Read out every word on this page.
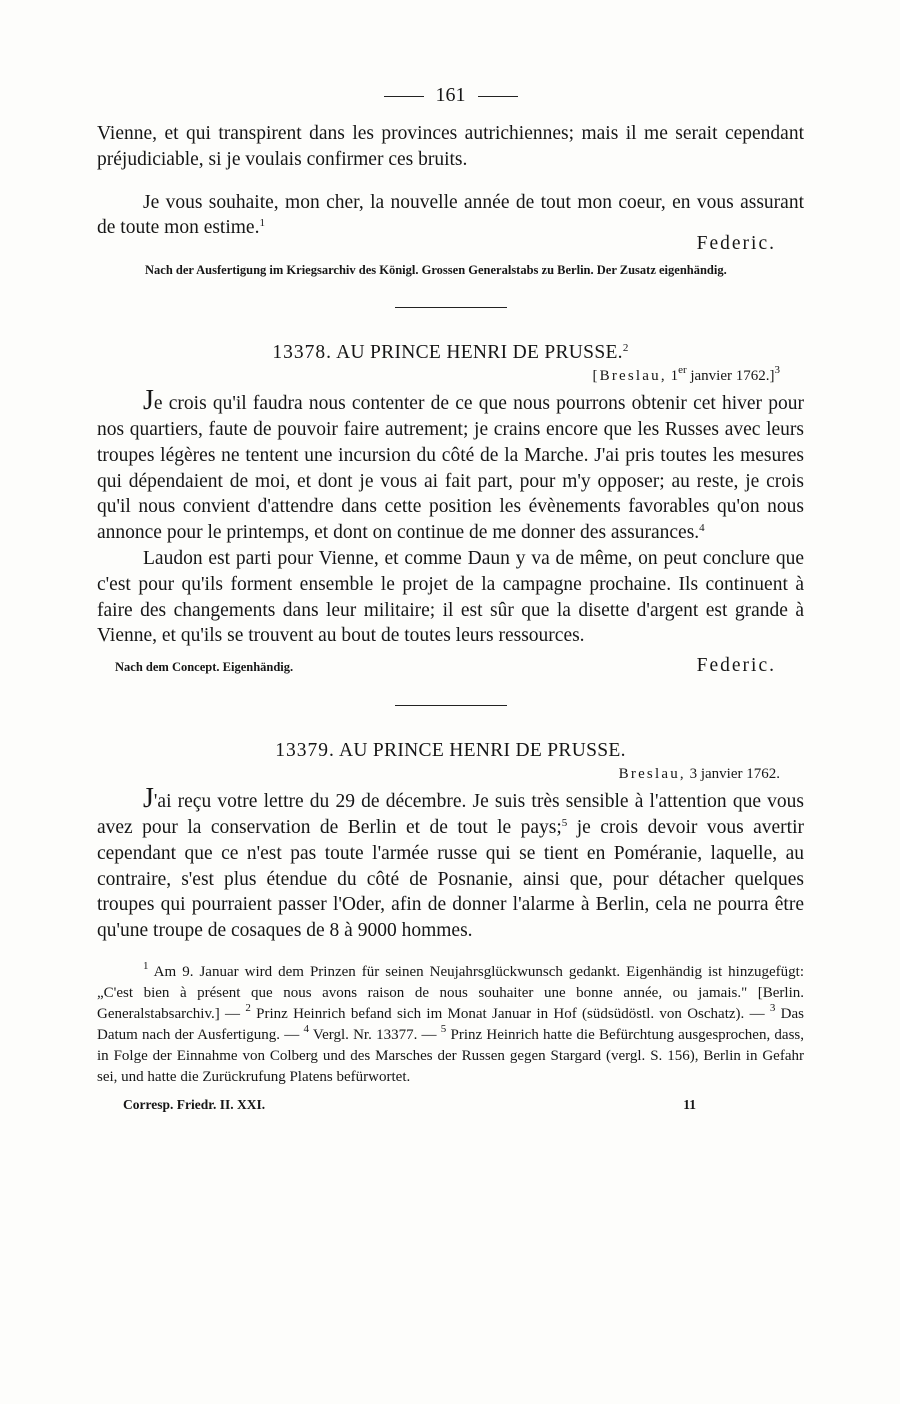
161

Vienne, et qui transpirent dans les provinces autrichiennes; mais il me serait cependant préjudiciable, si je voulais confirmer ces bruits.

Je vous souhaite, mon cher, la nouvelle année de tout mon coeur, en vous assurant de toute mon estime.$^1$

Federic.

Nach der Ausfertigung im Kriegsarchiv des Königl. Grossen Generalstabs zu Berlin. Der Zusatz eigenhändig.

13378. AU PRINCE HENRI DE PRUSSE.$^2$
[Breslau, 1er janvier 1762.]$^3$

Je crois qu'il faudra nous contenter de ce que nous pourrons obtenir cet hiver pour nos quartiers, faute de pouvoir faire autrement; je crains encore que les Russes avec leurs troupes légères ne tentent une incursion du côté de la Marche. J'ai pris toutes les mesures qui dépendaient de moi, et dont je vous ai fait part, pour m'y opposer; au reste, je crois qu'il nous convient d'attendre dans cette position les évènements favorables qu'on nous annonce pour le printemps, et dont on continue de me donner des assurances.$^4$

Laudon est parti pour Vienne, et comme Daun y va de même, on peut conclure que c'est pour qu'ils forment ensemble le projet de la campagne prochaine. Ils continuent à faire des changements dans leur militaire; il est sûr que la disette d'argent est grande à Vienne, et qu'ils se trouvent au bout de toutes leurs ressources.

Nach dem Concept. Eigenhändig.	Federic.
13379. AU PRINCE HENRI DE PRUSSE.
Breslau, 3 janvier 1762.

J'ai reçu votre lettre du 29 de décembre. Je suis très sensible à l'attention que vous avez pour la conservation de Berlin et de tout le pays;$^5$ je crois devoir vous avertir cependant que ce n'est pas toute l'armée russe qui se tient en Poméranie, laquelle, au contraire, s'est plus étendue du côté de Posnanie, ainsi que, pour détacher quelques troupes qui pourraient passer l'Oder, afin de donner l'alarme à Berlin, cela ne pourra être qu'une troupe de cosaques de 8 à 9000 hommes.

$^1$ Am 9. Januar wird dem Prinzen für seinen Neujahrsglückwunsch gedankt. Eigenhändig ist hinzugefügt: „C'est bien à présent que nous avons raison de nous souhaiter une bonne année, ou jamais." [Berlin. Generalstabsarchiv.] — $^2$ Prinz Heinrich befand sich im Monat Januar in Hof (südsüdöstl. von Oschatz). — $^3$ Das Datum nach der Ausfertigung. — $^4$ Vergl. Nr. 13377. — $^5$ Prinz Heinrich hatte die Befürchtung ausgesprochen, dass, in Folge der Einnahme von Colberg und des Marsches der Russen gegen Stargard (vergl. S. 156), Berlin in Gefahr sei, und hatte die Zurückrufung Platens befürwortet.

Corresp. Friedr. II. XXI.	11
